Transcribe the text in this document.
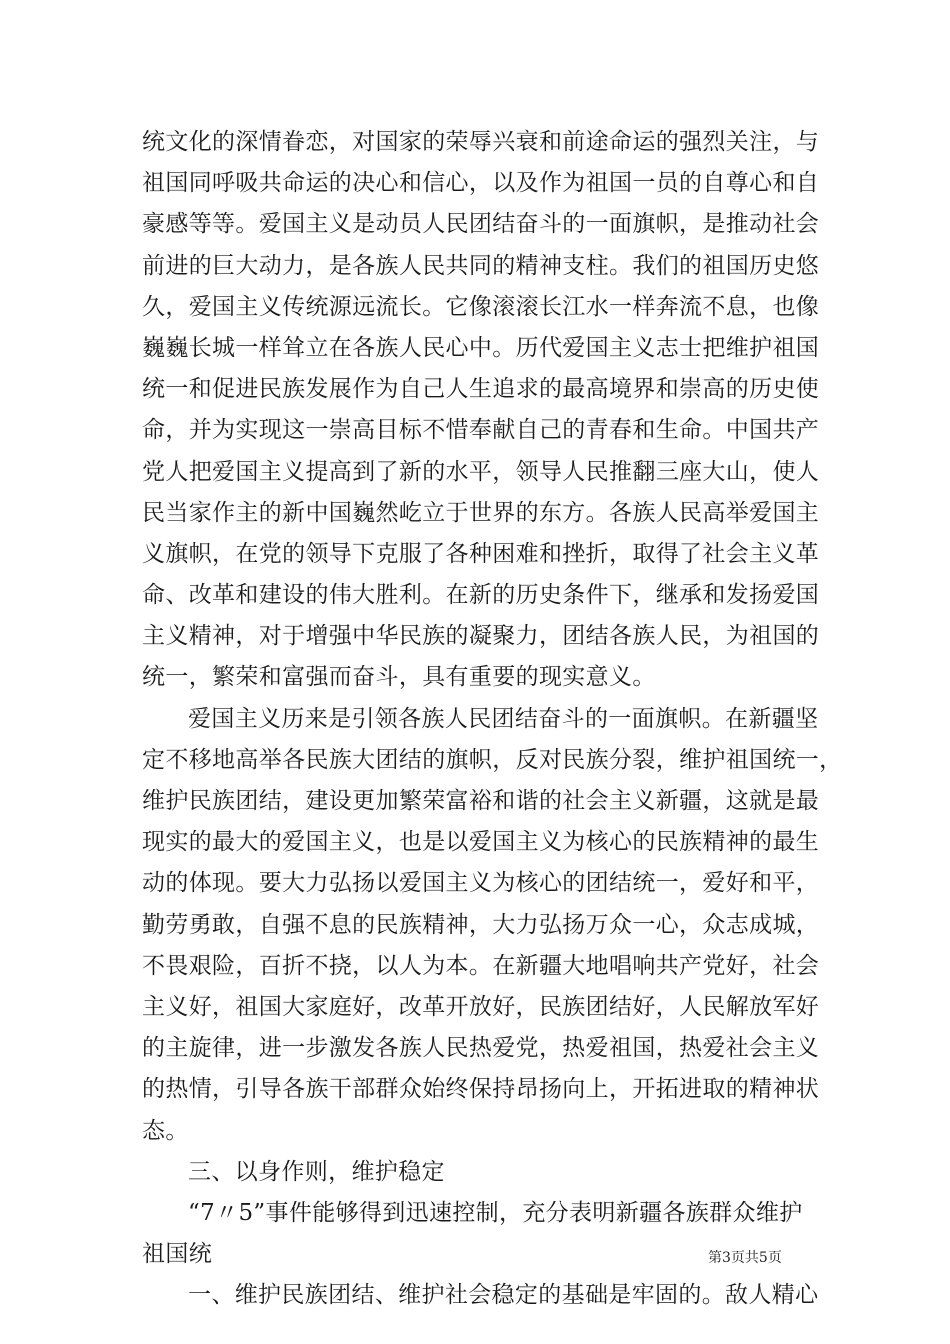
统文化的深情眷恋，对国家的荣辱兴衰和前途命运的强烈关注，与
祖国同呼吸共命运的决心和信心，以及作为祖国一员的自尊心和自
豪感等等。爱国主义是动员人民团结奋斗的一面旗帜，是推动社会
前进的巨大动力，是各族人民共同的精神支柱。我们的祖国历史悠
久，爱国主义传统源远流长。它像滚滚长江水一样奔流不息，也像
巍巍长城一样耸立在各族人民心中。历代爱国主义志士把维护祖国
统一和促进民族发展作为自己人生追求的最高境界和崇高的历史使
命，并为实现这一崇高目标不惜奉献自己的青春和生命。中国共产
党人把爱国主义提高到了新的水平，领导人民推翻三座大山，使人
民当家作主的新中国巍然屹立于世界的东方。各族人民高举爱国主
义旗帜，在党的领导下克服了各种困难和挫折，取得了社会主义革
命、改革和建设的伟大胜利。在新的历史条件下，继承和发扬爱国
主义精神，对于增强中华民族的凝聚力，团结各族人民，为祖国的
统一，繁荣和富强而奋斗，具有重要的现实意义。
爱国主义历来是引领各族人民团结奋斗的一面旗帜。在新疆坚
定不移地高举各民族大团结的旗帜，反对民族分裂，维护祖国统一，
维护民族团结，建设更加繁荣富裕和谐的社会主义新疆，这就是最
现实的最大的爱国主义，也是以爱国主义为核心的民族精神的最生
动的体现。要大力弘扬以爱国主义为核心的团结统一，爱好和平，
勤劳勇敢，自强不息的民族精神，大力弘扬万众一心，众志成城，
不畏艰险，百折不挠，以人为本。在新疆大地唱响共产党好，社会
主义好，祖国大家庭好，改革开放好，民族团结好，人民解放军好
的主旋律，进一步激发各族人民热爱党，热爱祖国，热爱社会主义
的热情，引导各族干部群众始终保持昂扬向上，开拓进取的精神状
态。
三、以身作则，维护稳定
“7〃5”事件能够得到迅速控制，充分表明新疆各族群众维护
祖国统
一、维护民族团结、维护社会稳定的基础是牢固的。敌人精心
第3页共5页
